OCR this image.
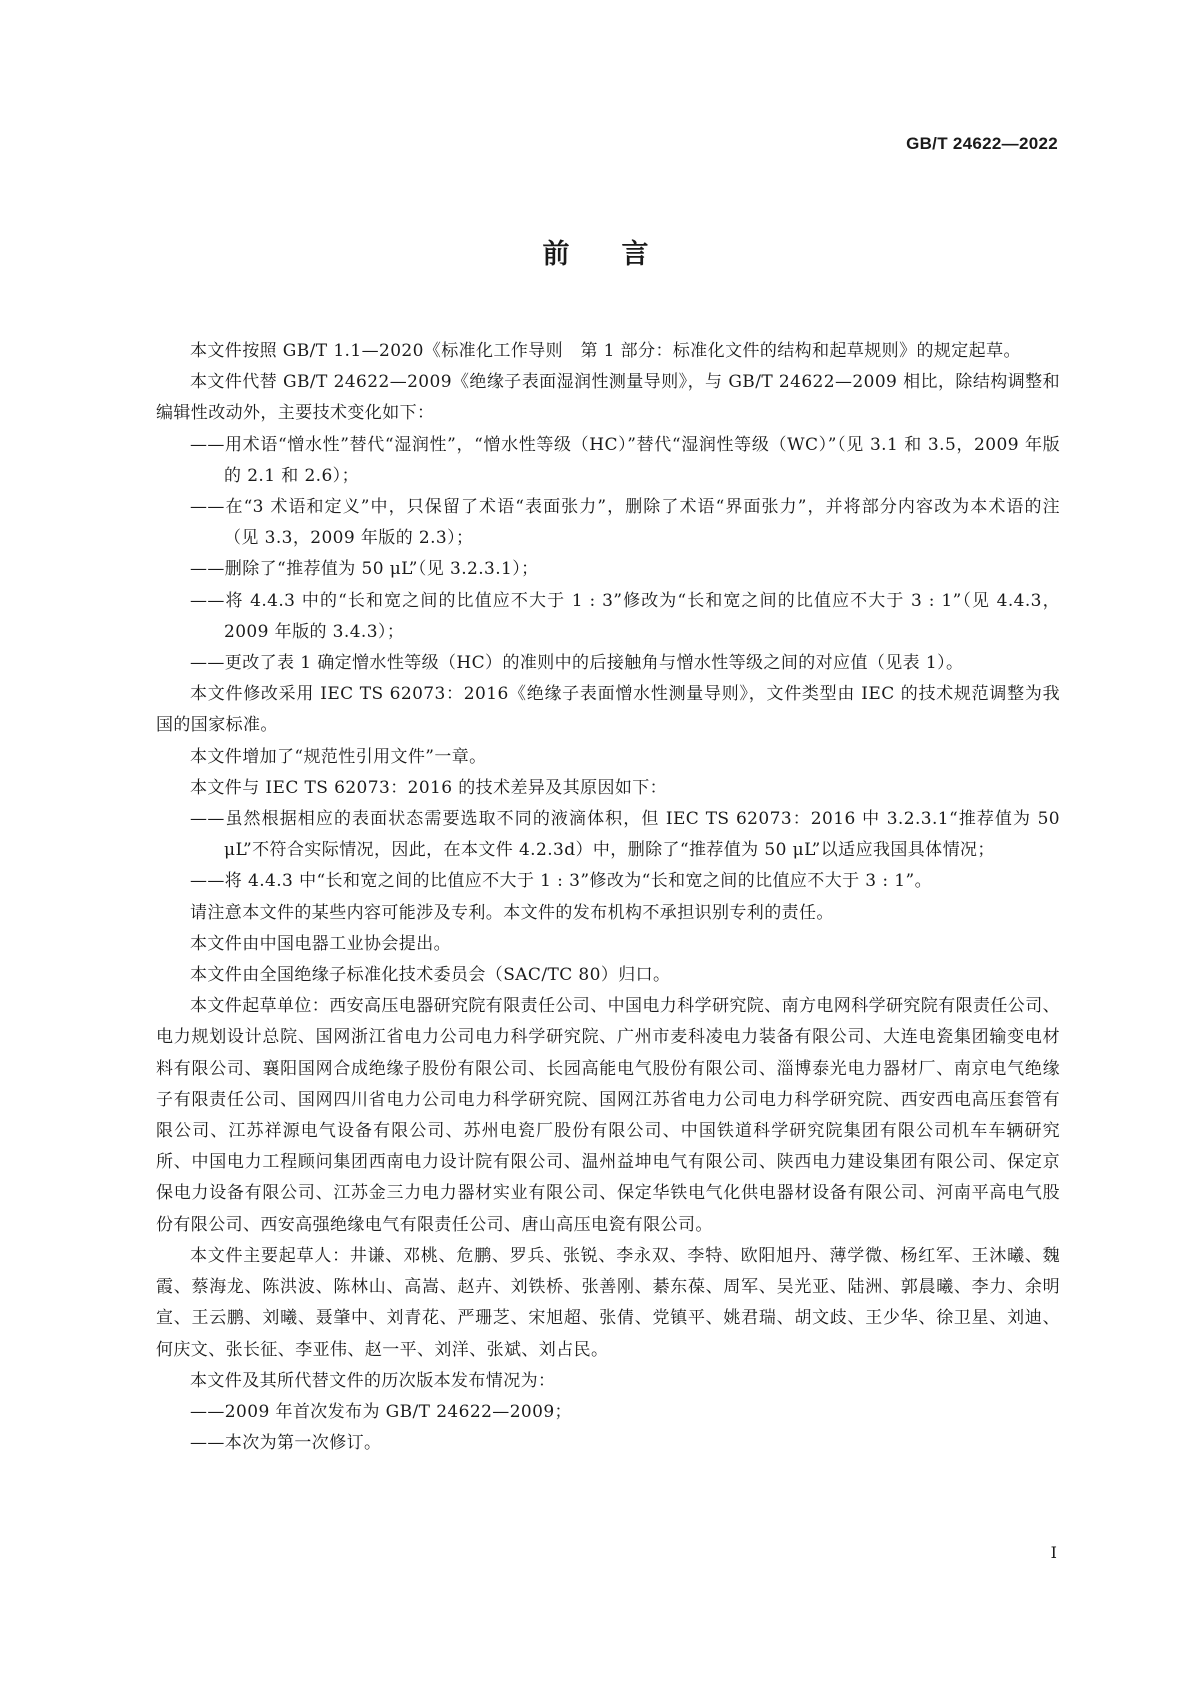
GB/T 24622—2022
前言

本文件按照 GB/T 1.1—2020《标准化工作导则　第 1 部分：标准化文件的结构和起草规则》的规定起草。

本文件代替 GB/T 24622—2009《绝缘子表面湿润性测量导则》，与 GB/T 24622—2009 相比，除结构调整和编辑性改动外，主要技术变化如下：

——用术语“憎水性”替代“湿润性”，“憎水性等级（HC）”替代“湿润性等级（WC）”（见 3.1 和 3.5，2009 年版的 2.1 和 2.6）；

——在“3 术语和定义”中，只保留了术语“表面张力”，删除了术语“界面张力”，并将部分内容改为本术语的注（见 3.3，2009 年版的 2.3）；

——删除了“推荐值为 50 μL”（见 3.2.3.1）；

——将 4.4.3 中的“长和宽之间的比值应不大于 1 : 3”修改为“长和宽之间的比值应不大于 3 : 1”（见 4.4.3，2009 年版的 3.4.3）；

——更改了表 1 确定憎水性等级（HC）的准则中的后接触角与憎水性等级之间的对应值（见表 1）。

本文件修改采用 IEC TS 62073：2016《绝缘子表面憎水性测量导则》，文件类型由 IEC 的技术规范调整为我国的国家标准。

本文件增加了“规范性引用文件”一章。

本文件与 IEC TS 62073：2016 的技术差异及其原因如下：

——虽然根据相应的表面状态需要选取不同的液滴体积，但 IEC TS 62073：2016 中 3.2.3.1“推荐值为 50 μL”不符合实际情况，因此，在本文件 4.2.3d）中，删除了“推荐值为 50 μL”以适应我国具体情况；

——将 4.4.3 中“长和宽之间的比值应不大于 1 : 3”修改为“长和宽之间的比值应不大于 3 : 1”。

请注意本文件的某些内容可能涉及专利。本文件的发布机构不承担识别专利的责任。

本文件由中国电器工业协会提出。

本文件由全国绝缘子标准化技术委员会（SAC/TC 80）归口。

本文件起草单位：西安高压电器研究院有限责任公司、中国电力科学研究院、南方电网科学研究院有限责任公司、电力规划设计总院、国网浙江省电力公司电力科学研究院、广州市麦科凌电力装备有限公司、大连电瓷集团输变电材料有限公司、襄阳国网合成绝缘子股份有限公司、长园高能电气股份有限公司、淄博泰光电力器材厂、南京电气绝缘子有限责任公司、国网四川省电力公司电力科学研究院、国网江苏省电力公司电力科学研究院、西安西电高压套管有限公司、江苏祥源电气设备有限公司、苏州电瓷厂股份有限公司、中国铁道科学研究院集团有限公司机车车辆研究所、中国电力工程顾问集团西南电力设计院有限公司、温州益坤电气有限公司、陕西电力建设集团有限公司、保定京保电力设备有限公司、江苏金三力电力器材实业有限公司、保定华铁电气化供电器材设备有限公司、河南平高电气股份有限公司、西安高强绝缘电气有限责任公司、唐山高压电瓷有限公司。

本文件主要起草人：井谦、邓桃、危鹏、罗兵、张锐、李永双、李特、欧阳旭丹、薄学微、杨红军、王沐曦、魏霞、蔡海龙、陈洪波、陈林山、高嵩、赵卉、刘铁桥、张善刚、綦东葆、周军、吴光亚、陆洲、郭晨曦、李力、余明宣、王云鹏、刘曦、聂肇中、刘青花、严珊芝、宋旭超、张倩、党镇平、姚君瑞、胡文歧、王少华、徐卫星、刘迪、何庆文、张长征、李亚伟、赵一平、刘洋、张斌、刘占民。

本文件及其所代替文件的历次版本发布情况为：

——2009 年首次发布为 GB/T 24622—2009；

——本次为第一次修订。

I
